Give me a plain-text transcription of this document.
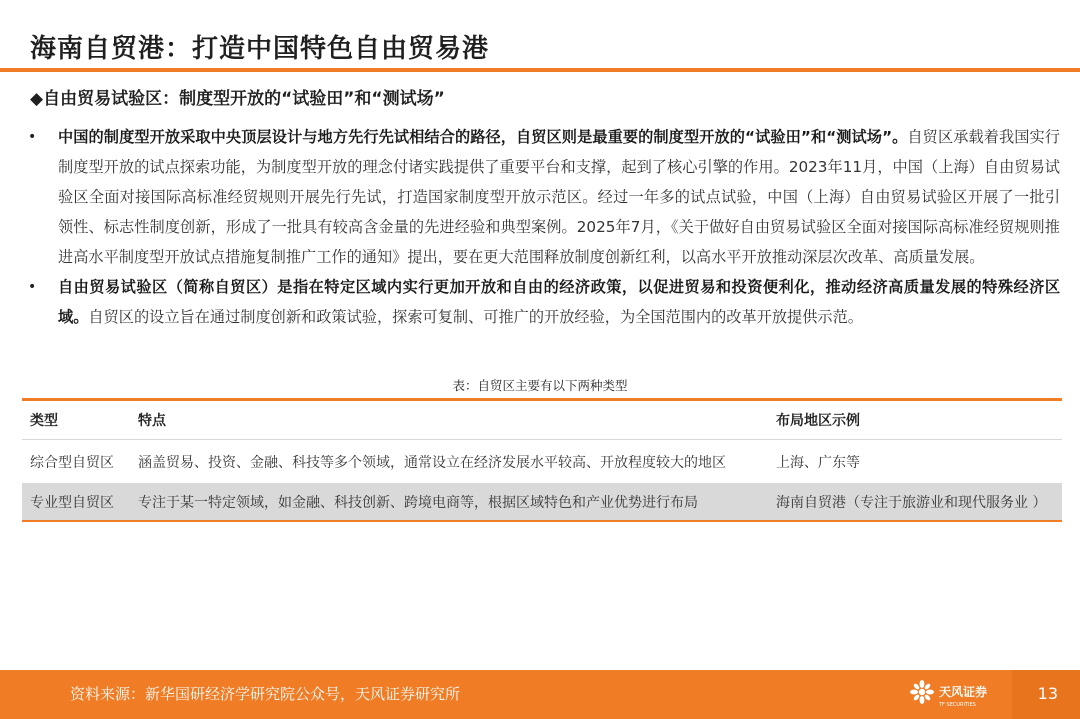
海南自贸港：打造中国特色自由贸易港
◆自由贸易试验区：制度型开放的“试验田”和“测试场”
•	中国的制度型开放采取中央顶层设计与地方先行先试相结合的路径，自贸区则是最重要的制度型开放的“试验田”和“测试场”。自贸区承载着我国实行制度型开放的试点探索功能，为制度型开放的理念付诸实践提供了重要平台和支撑，起到了核心引擎的作用。2023年11月，中国（上海）自由贸易试验区全面对接国际高标准经贸规则开展先行先试，打造国家制度型开放示范区。经过一年多的试点试验，中国（上海）自由贸易试验区开展了一批引领性、标志性制度创新，形成了一批具有较高含金量的先进经验和典型案例。2025年7月，《关于做好自由贸易试验区全面对接国际高标准经贸规则推进高水平制度型开放试点措施复制推广工作的通知》提出，要在更大范围释放制度创新红利，以高水平开放推动深层次改革、高质量发展。
•	自由贸易试验区（简称自贸区）是指在特定区域内实行更加开放和自由的经济政策，以促进贸易和投资便利化，推动经济高质量发展的特殊经济区域。自贸区的设立旨在通过制度创新和政策试验，探索可复制、可推广的开放经验，为全国范围内的改革开放提供示范。
表：自贸区主要有以下两种类型
类型	特点	布局地区示例
综合型自贸区	涵盖贸易、投资、金融、科技等多个领域，通常设立在经济发展水平较高、开放程度较大的地区	上海、广东等
专业型自贸区	专注于某一特定领域，如金融、科技创新、跨境电商等，根据区域特色和产业优势进行布局	海南自贸港（专注于旅游业和现代服务业 ）
资料来源：新华国研经济学研究院公众号，天风证券研究所	天风证券
TF SECURITIES
13
